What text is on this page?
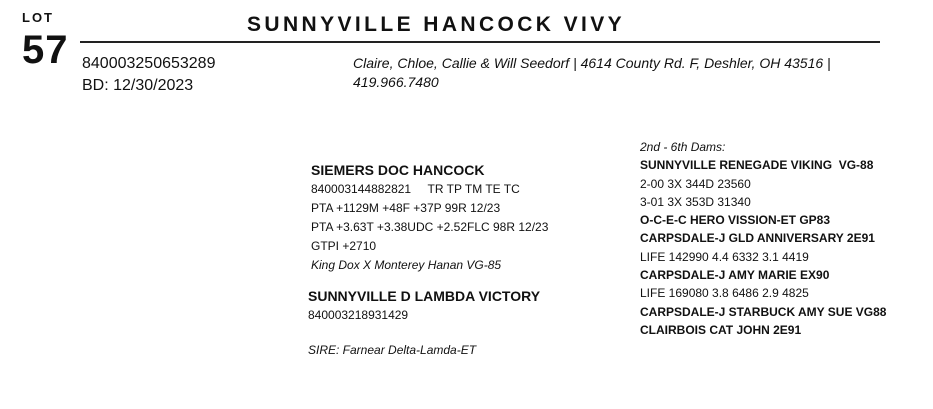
LOT
57
SUNNYVILLE HANCOCK VIVY
840003250653289
BD: 12/30/2023
Claire, Chloe, Callie & Will Seedorf | 4614 County Rd. F, Deshler, OH 43516 |
419.966.7480
SIEMERS DOC HANCOCK
840003144882821     TR TP TM TE TC
PTA +1129M +48F +37P 99R 12/23
PTA +3.63T +3.38UDC +2.52FLC 98R 12/23
GTPI +2710
King Dox X Monterey Hanan VG-85
SUNNYVILLE D LAMBDA VICTORY
840003218931429
SIRE: Farnear Delta-Lamda-ET
2nd - 6th Dams:
SUNNYVILLE RENEGADE VIKING  VG-88
2-00 3X 344D 23560
3-01 3X 353D 31340
O-C-E-C HERO VISSION-ET GP83
CARPSDALE-J GLD ANNIVERSARY 2E91
LIFE 142990 4.4 6332 3.1 4419
CARPSDALE-J AMY MARIE EX90
LIFE 169080 3.8 6486 2.9 4825
CARPSDALE-J STARBUCK AMY SUE VG88
CLAIRBOIS CAT JOHN 2E91
